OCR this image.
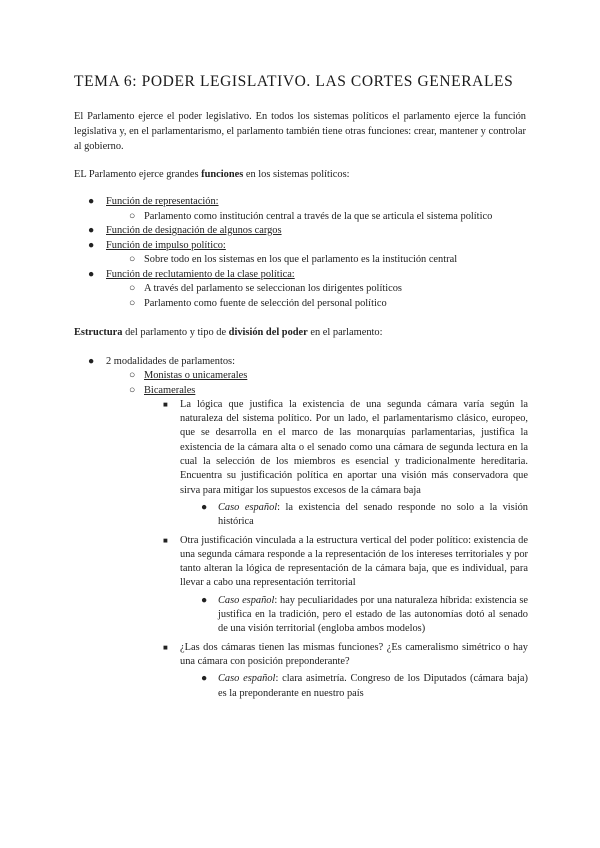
TEMA 6: PODER LEGISLATIVO. LAS CORTES GENERALES

El Parlamento ejerce el poder legislativo. En todos los sistemas políticos el parlamento ejerce la función legislativa y, en el parlamentarismo, el parlamento también tiene otras funciones: crear, mantener y controlar al gobierno.

EL Parlamento ejerce grandes funciones en los sistemas políticos:

● Función de representación:
○ Parlamento como institución central a través de la que se articula el sistema político
● Función de designación de algunos cargos
● Función de impulso político:
○ Sobre todo en los sistemas en los que el parlamento es la institución central
● Función de reclutamiento de la clase política:
○ A través del parlamento se seleccionan los dirigentes políticos
○ Parlamento como fuente de selección del personal político

Estructura del parlamento y tipo de división del poder en el parlamento:

● 2 modalidades de parlamentos:
○ Monistas o unicamerales
○ Bicamerales
■ La lógica que justifica la existencia de una segunda cámara varía según la naturaleza del sistema político. Por un lado, el parlamentarismo clásico, europeo, que se desarrolla en el marco de las monarquías parlamentarias, justifica la existencia de la cámara alta o el senado como una cámara de segunda lectura en la cual la selección de los miembros es esencial y tradicionalmente hereditaria. Encuentra su justificación política en aportar una visión más conservadora que sirva para mitigar los supuestos excesos de la cámara baja
● Caso español: la existencia del senado responde no solo a la visión histórica
■ Otra justificación vinculada a la estructura vertical del poder político: existencia de una segunda cámara responde a la representación de los intereses territoriales y por tanto alteran la lógica de representación de la cámara baja, que es individual, para llevar a cabo una representación territorial
● Caso español: hay peculiaridades por una naturaleza híbrida: existencia se justifica en la tradición, pero el estado de las autonomías dotó al senado de una visión territorial (engloba ambos modelos)
■ ¿Las dos cámaras tienen las mismas funciones? ¿Es cameralismo simétrico o hay una cámara con posición preponderante?
● Caso español: clara asimetría. Congreso de los Diputados (cámara baja) es la preponderante en nuestro país
